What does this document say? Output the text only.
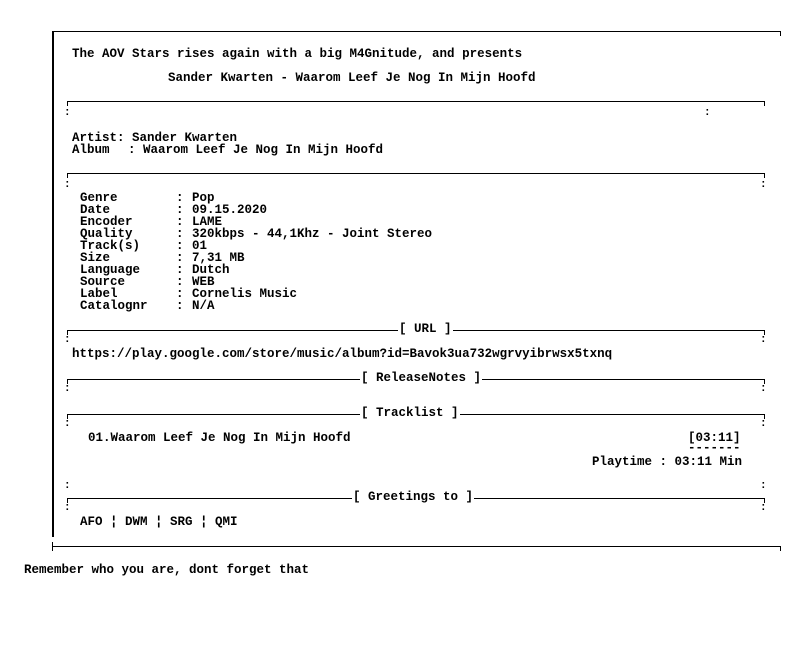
The AOV Stars rises again with a big M4Gnitude, and presents
Sander Kwarten - Waarom Leef Je Nog In Mijn Hoofd
:	:
Artist: Sander Kwarten
Album : Waarom Leef Je Nog In Mijn Hoofd
:	:
Genre	: Pop
Date	: 09.15.2020
Encoder	: LAME
Quality	: 320kbps - 44,1Khz - Joint Stereo
Track(s)	: 01
Size	: 7,31 MB
Language	: Dutch
Source	: WEB
Label	: Cornelis Music
Catalognr : N/A
:	:
[ URL ]
https://play.google.com/store/music/album?id=Bavok3ua732wgrvyibrwsx5txnq
:	:
[ ReleaseNotes ]
:	:
[ Tracklist ]
01.Waarom Leef Je Nog In Mijn Hoofd	[03:11]
-------
Playtime : 03:11 Min
:	:
:	:
[ Greetings to ]
AFO ¦ DWM ¦ SRG ¦ QMI
Remember who you are, dont forget that
